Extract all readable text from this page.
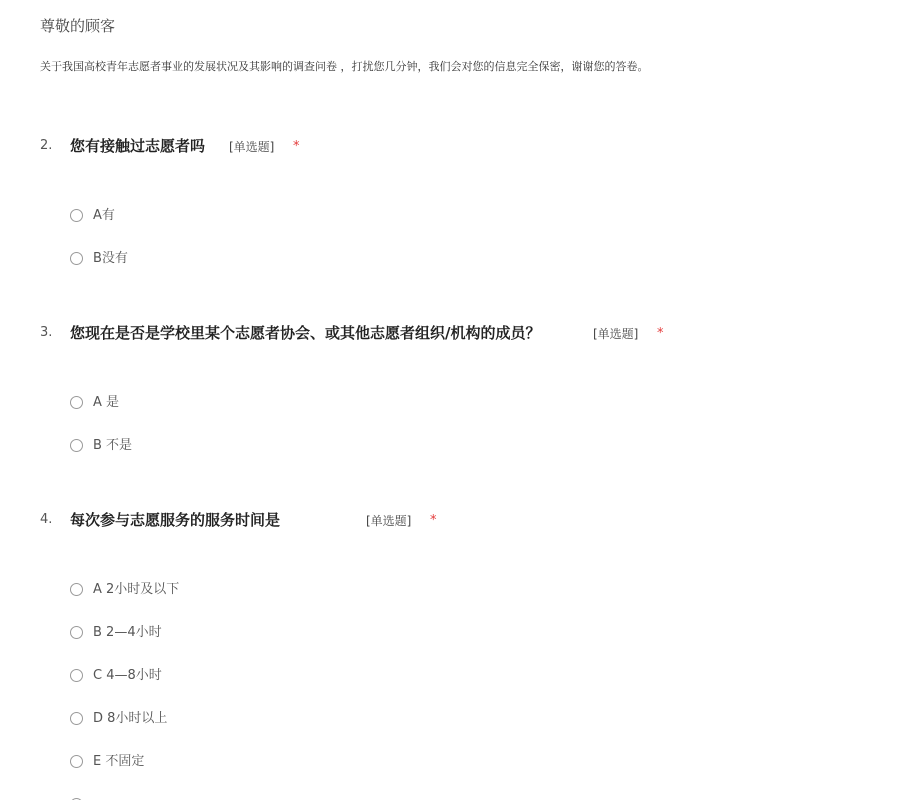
尊敬的顾客
关于我国高校青年志愿者事业的发展状况及其影响的调查问卷 ，打扰您几分钟，我们会对您的信息完全保密，谢谢您的答卷。
2. 您有接触过志愿者吗 [单选题] *
A有
B没有
3. 您现在是否是学校里某个志愿者协会、或其他志愿者组织/机构的成员？	[单选题] *
A 是
B 不是
4. 每次参与志愿服务的服务时间是	[单选题] *
A 2小时及以下
B 2—4小时
C 4—8小时
D 8小时以上
E 不固定
